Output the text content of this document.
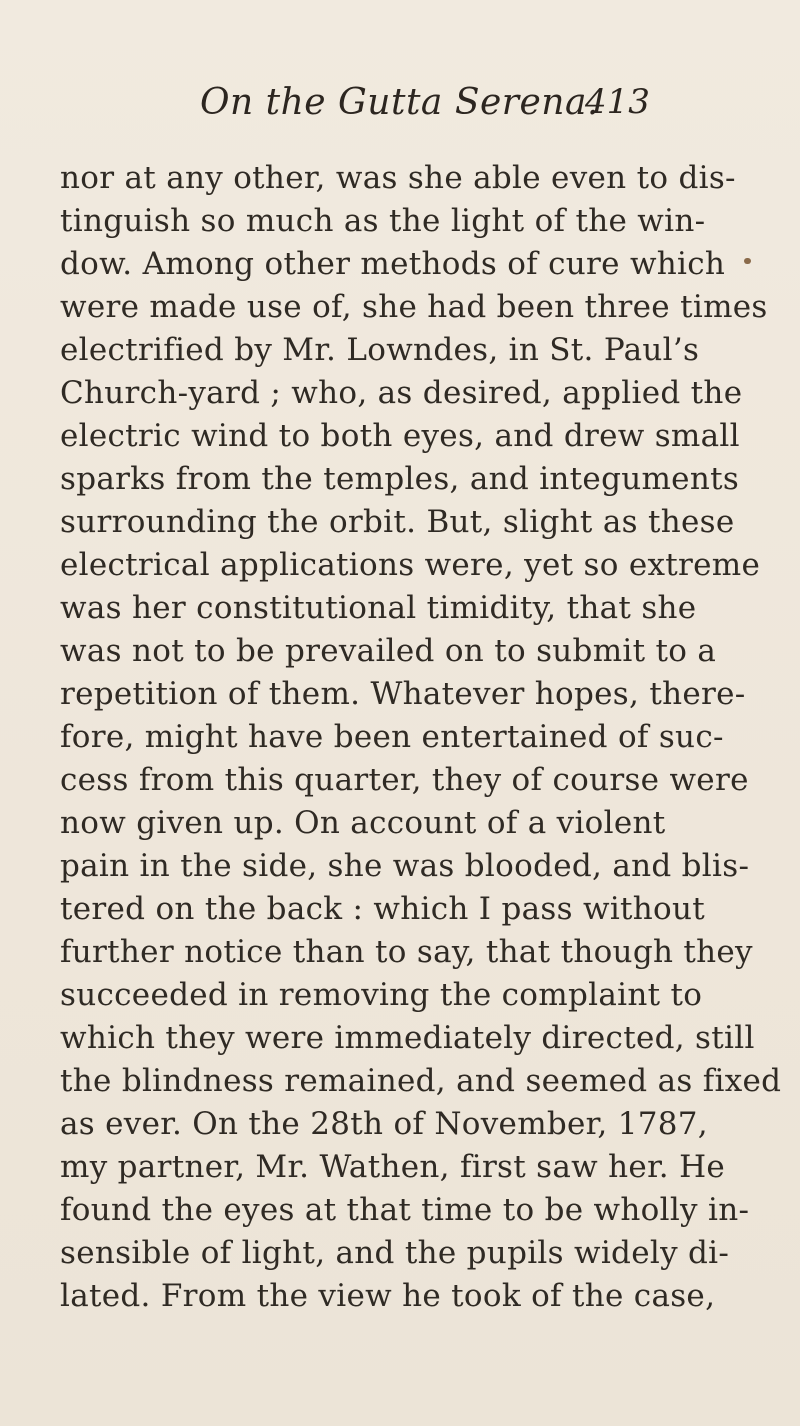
On the Gutta Serena.
413
nor at any other, was she able even to dis-
tinguish so much as the light of the win-
dow. Among other methods of cure which
were made use of, she had been three times
electrified by Mr. Lowndes, in St. Paul’s
Church-yard ; who, as desired, applied the
electric wind to both eyes, and drew small
sparks from the temples, and integuments
surrounding the orbit. But, slight as these
electrical applications were, yet so extreme
was her constitutional timidity, that she
was not to be prevailed on to submit to a
repetition of them. Whatever hopes, there-
fore, might have been entertained of suc-
cess from this quarter, they of course were
now given up. On account of a violent
pain in the side, she was blooded, and blis-
tered on the back : which I pass without
further notice than to say, that though they
succeeded in removing the complaint to
which they were immediately directed, still
the blindness remained, and seemed as fixed
as ever. On the 28th of November, 1787,
my partner, Mr. Wathen, first saw her. He
found the eyes at that time to be wholly in-
sensible of light, and the pupils widely di-
lated. From the view he took of the case,
